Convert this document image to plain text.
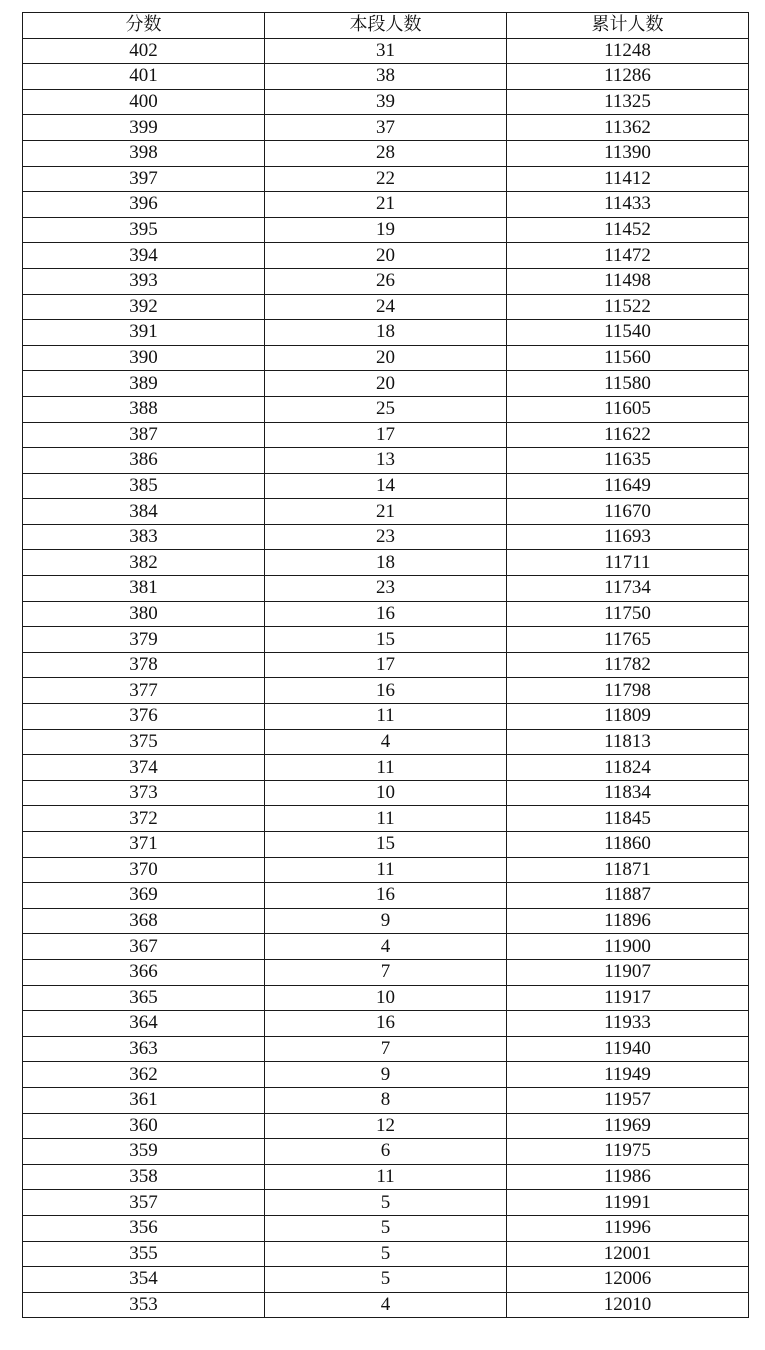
分数	本段人数	累计人数
402	31	11248
401	38	11286
400	39	11325
399	37	11362
398	28	11390
397	22	11412
396	21	11433
395	19	11452
394	20	11472
393	26	11498
392	24	11522
391	18	11540
390	20	11560
389	20	11580
388	25	11605
387	17	11622
386	13	11635
385	14	11649
384	21	11670
383	23	11693
382	18	11711
381	23	11734
380	16	11750
379	15	11765
378	17	11782
377	16	11798
376	11	11809
375	4	11813
374	11	11824
373	10	11834
372	11	11845
371	15	11860
370	11	11871
369	16	11887
368	9	11896
367	4	11900
366	7	11907
365	10	11917
364	16	11933
363	7	11940
362	9	11949
361	8	11957
360	12	11969
359	6	11975
358	11	11986
357	5	11991
356	5	11996
355	5	12001
354	5	12006
353	4	12010
